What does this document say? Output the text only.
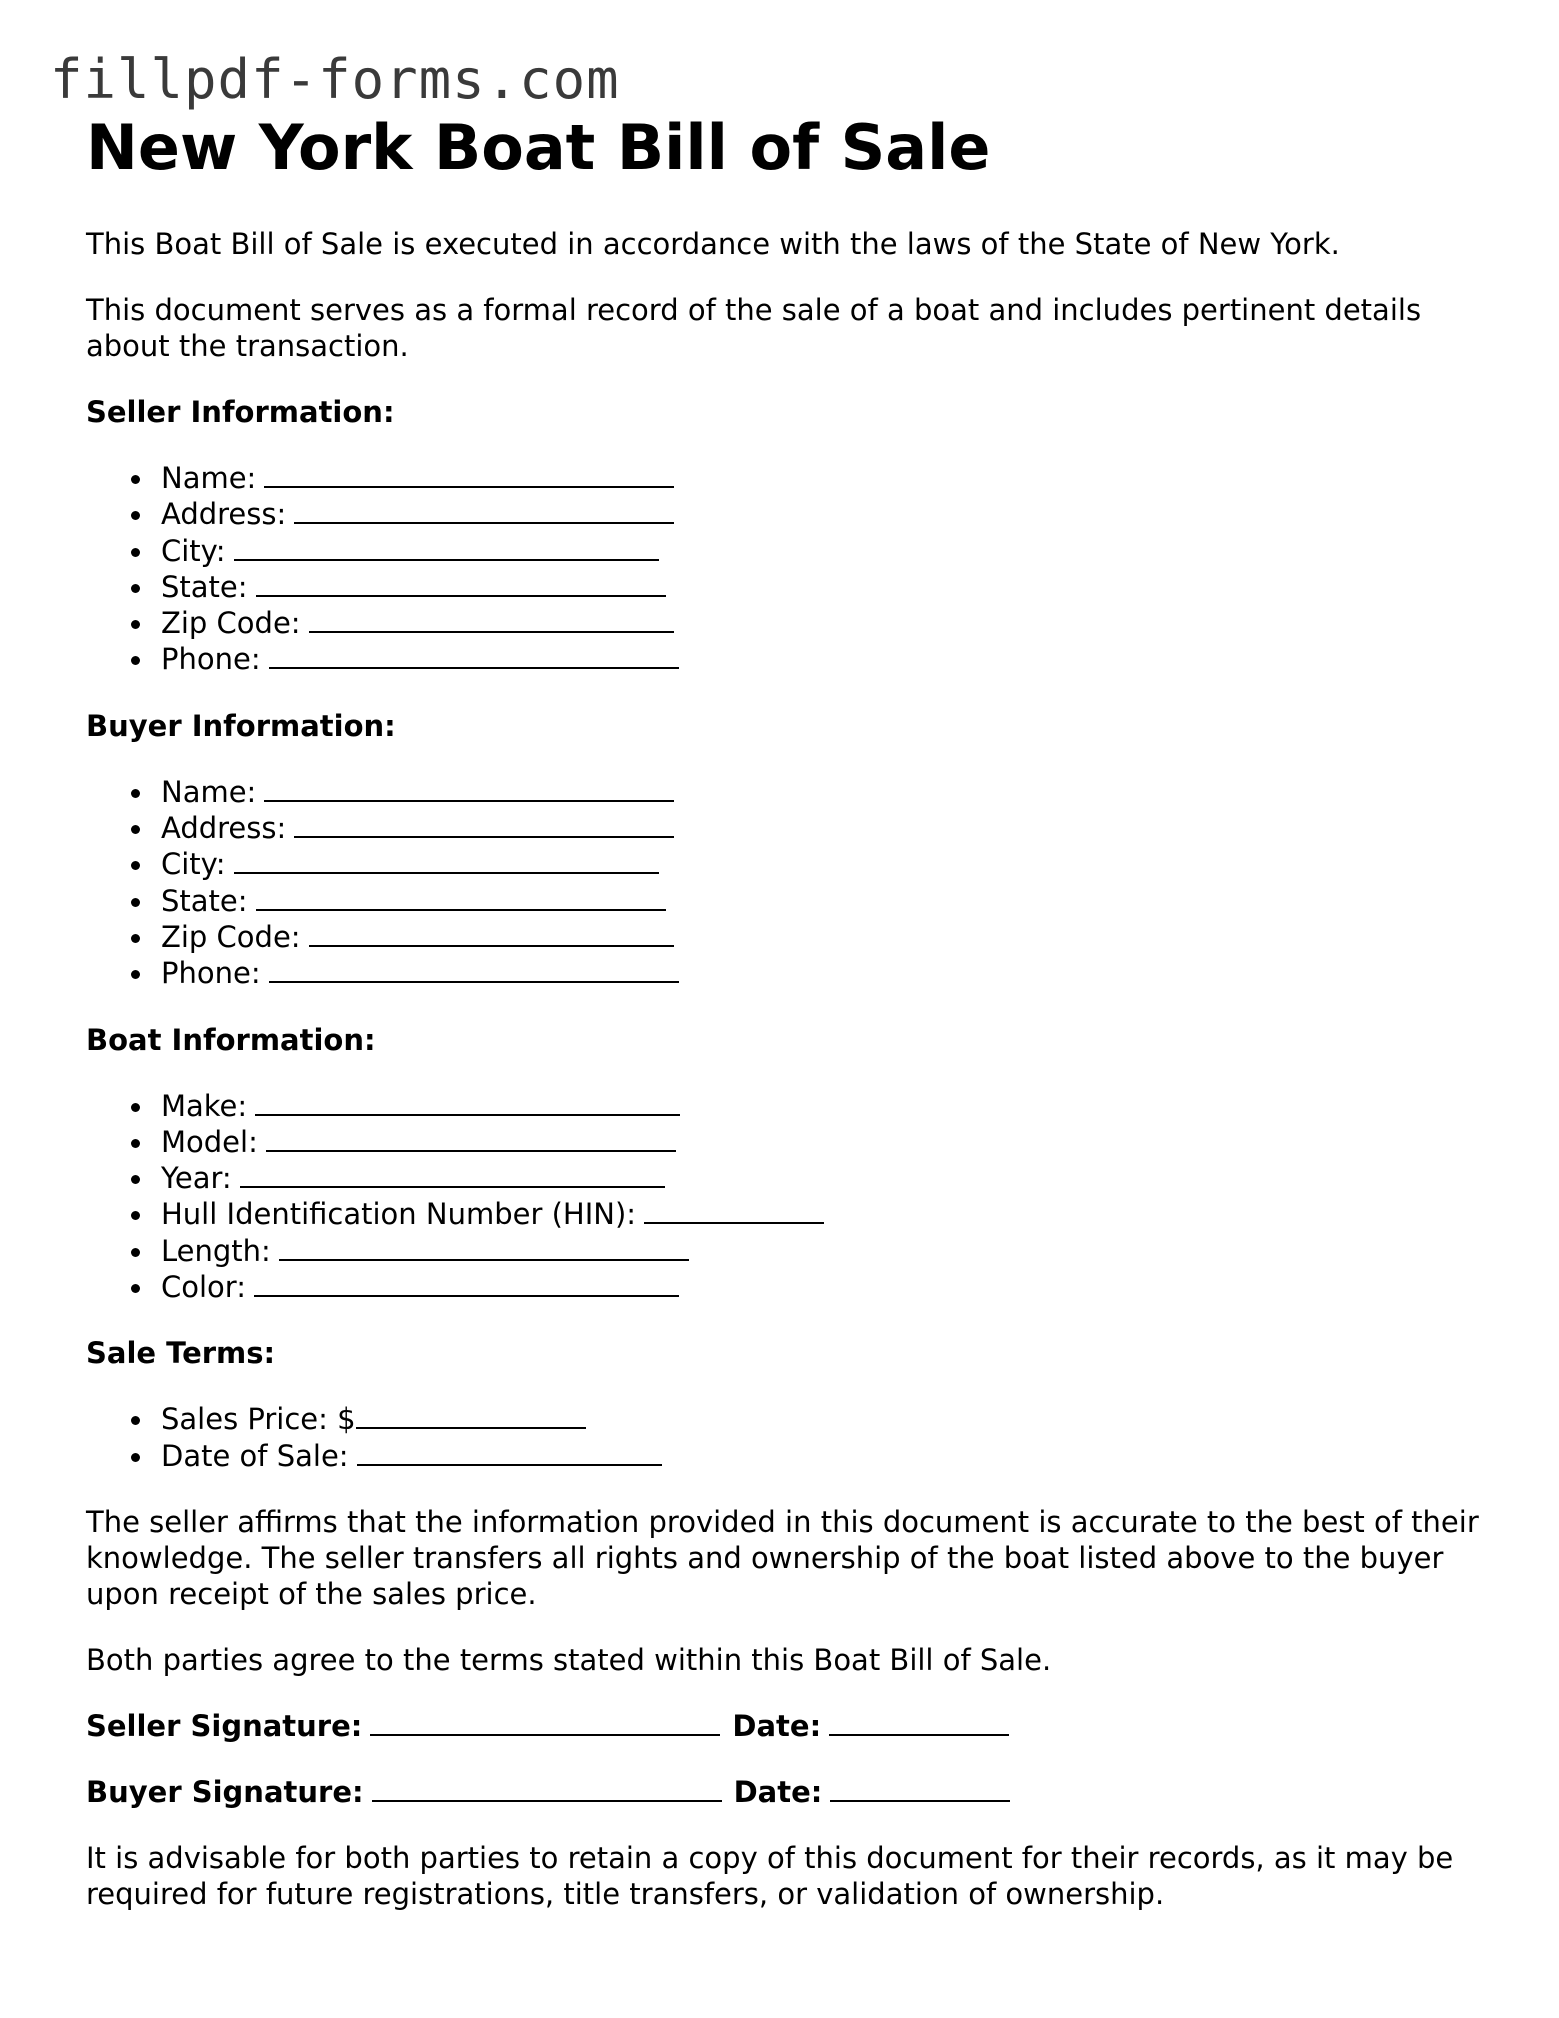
fillpdf-forms.com
New York Boat Bill of Sale

This Boat Bill of Sale is executed in accordance with the laws of the State of New York.

This document serves as a formal record of the sale of a boat and includes pertinent details about the transaction.

Seller Information:

Name:
Address:
City:
State:
Zip Code:
Phone:

Buyer Information:

Name:
Address:
City:
State:
Zip Code:
Phone:

Boat Information:

Make:
Model:
Year:
Hull Identification Number (HIN):
Length:
Color:

Sale Terms:

Sales Price: $
Date of Sale:

The seller affirms that the information provided in this document is accurate to the best of their knowledge. The seller transfers all rights and ownership of the boat listed above to the buyer upon receipt of the sales price.

Both parties agree to the terms stated within this Boat Bill of Sale.

Seller Signature:	Date:
Buyer Signature:	Date:

It is advisable for both parties to retain a copy of this document for their records, as it may be required for future registrations, title transfers, or validation of ownership.
